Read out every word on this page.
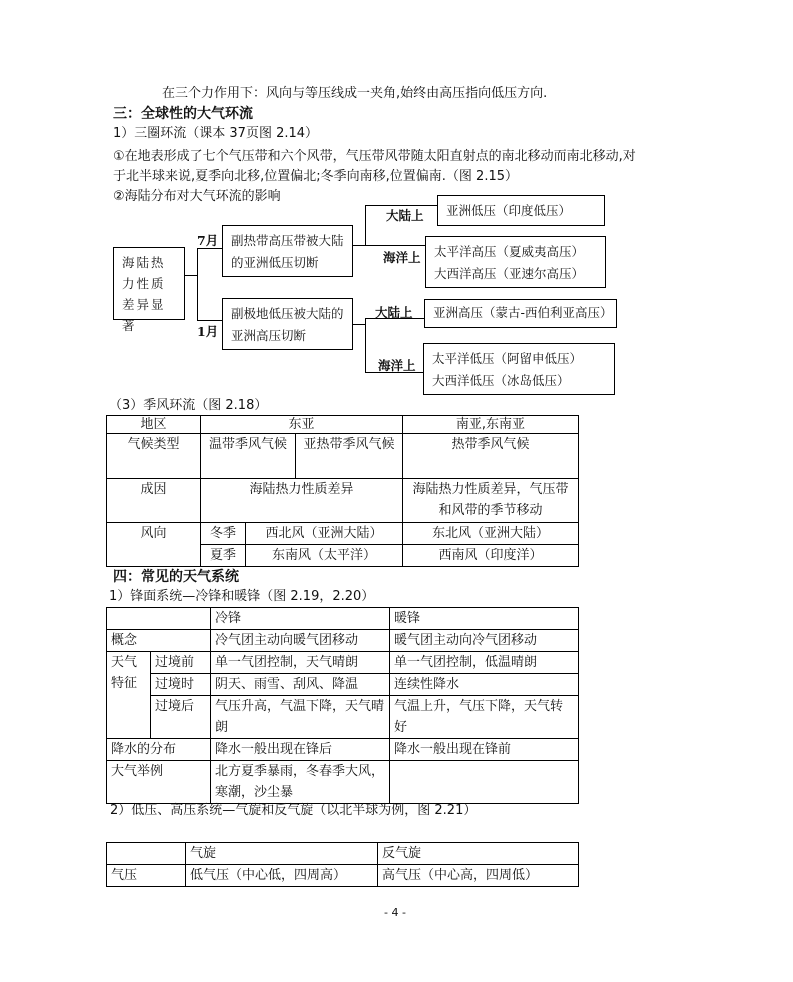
在三个力作用下：风向与等压线成一夹角,始终由高压指向低压方向.
三：全球性的大气环流
1）三圈环流（课本 37页图 2.14）
①在地表形成了七个气压带和六个风带，气压带风带随太阳直射点的南北移动而南北移动,对
于北半球来说,夏季向北移,位置偏北;冬季向南移,位置偏南.（图 2.15）
②海陆分布对大气环流的影响
海陆热力性质差异显著
7月
1月
副热带高压带被大陆的亚洲低压切断
副极地低压被大陆的亚洲高压切断
大陆上
海洋上
亚洲低压（印度低压）
太平洋高压（夏威夷高压）
大西洋高压（亚速尔高压）
大陆上
海洋上
亚洲高压（蒙古-西伯利亚高压）
太平洋低压（阿留申低压）
大西洋低压（冰岛低压）
（3）季风环流（图 2.18）
地区	东亚			南亚,东南亚
气候类型	温带季风气候		亚热带季风气候	热带季风气候
成因	海陆热力性质差异			海陆热力性质差异，气压带和风带的季节移动
风向	冬季	西北风（亚洲大陆）		东北风（亚洲大陆）
	夏季	东南风（太平洋）		西南风（印度洋）
四：常见的天气系统
1）锋面系统—冷锋和暖锋（图 2.19，2.20）
		冷锋	暖锋
概念		冷气团主动向暖气团移动	暖气团主动向冷气团移动
天气特征	过境前	单一气团控制，天气晴朗	单一气团控制，低温晴朗
	过境时	阴天、雨雪、刮风、降温	连续性降水
	过境后	气压升高，气温下降，天气晴朗	气温上升，气压下降，天气转好
降水的分布		降水一般出现在锋后	降水一般出现在锋前
大气举例		北方夏季暴雨，冬春季大风，寒潮，沙尘暴	
2）低压、高压系统—气旋和反气旋（以北半球为例，图 2.21）
	气旋	反气旋
气压	低气压（中心低，四周高）	高气压（中心高，四周低）
- 4 -
